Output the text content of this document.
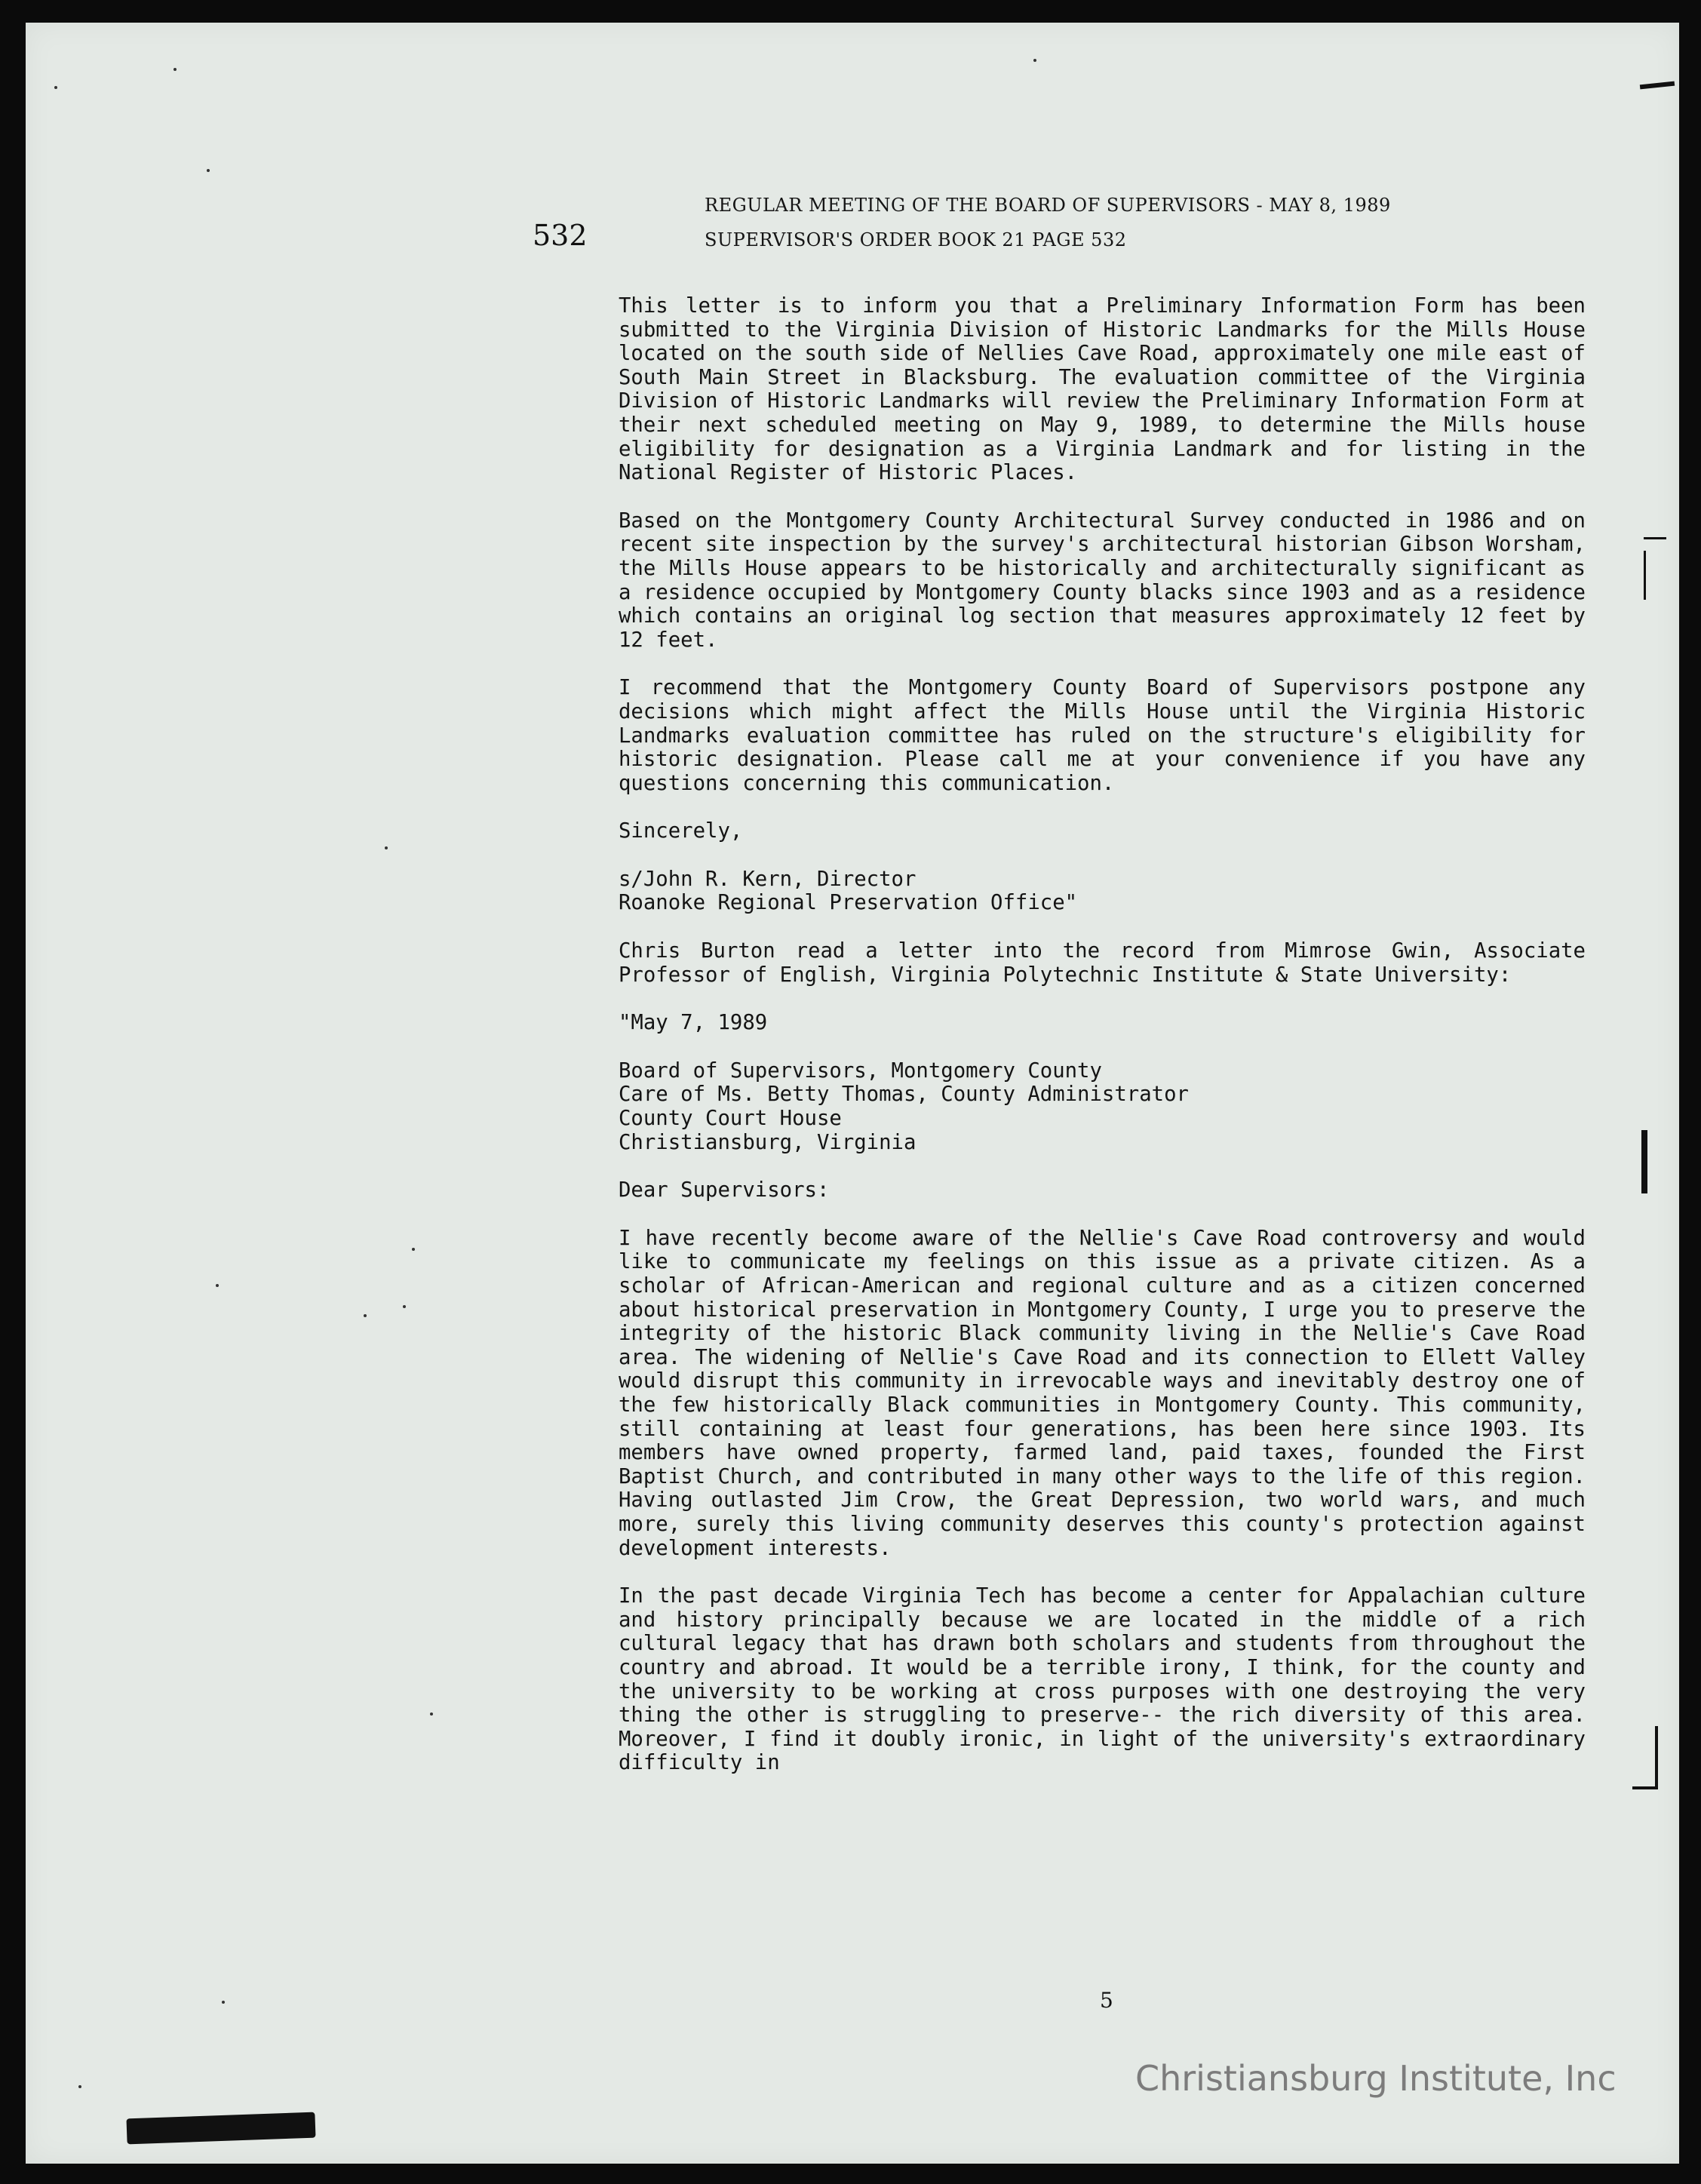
REGULAR MEETING OF THE BOARD OF SUPERVISORS - MAY 8, 1989
SUPERVISOR'S ORDER BOOK 21 PAGE 532
532

This letter is to inform you that a Preliminary Information Form has been submitted to the Virginia Division of Historic Landmarks for the Mills House located on the south side of Nellies Cave Road, approximately one mile east of South Main Street in Blacksburg. The evaluation committee of the Virginia Division of Historic Landmarks will review the Preliminary Information Form at their next scheduled meeting on May 9, 1989, to determine the Mills house eligibility for designation as a Virginia Landmark and for listing in the National Register of Historic Places.

Based on the Montgomery County Architectural Survey conducted in 1986 and on recent site inspection by the survey's architectural historian Gibson Worsham, the Mills House appears to be historically and architecturally significant as a residence occupied by Montgomery County blacks since 1903 and as a residence which contains an original log section that measures approximately 12 feet by 12 feet.

I recommend that the Montgomery County Board of Supervisors postpone any decisions which might affect the Mills House until the Virginia Historic Landmarks evaluation committee has ruled on the structure's eligibility for historic designation. Please call me at your convenience if you have any questions concerning this communication.

Sincerely,

s/John R. Kern, Director

Roanoke Regional Preservation Office"

Chris Burton read a letter into the record from Mimrose Gwin, Associate Professor of English, Virginia Polytechnic Institute & State University:

"May 7, 1989

Board of Supervisors, Montgomery County

Care of Ms. Betty Thomas, County Administrator

County Court House

Christiansburg, Virginia

Dear Supervisors:

I have recently become aware of the Nellie's Cave Road controversy and would like to communicate my feelings on this issue as a private citizen. As a scholar of African-American and regional culture and as a citizen concerned about historical preservation in Montgomery County, I urge you to preserve the integrity of the historic Black community living in the Nellie's Cave Road area. The widening of Nellie's Cave Road and its connection to Ellett Valley would disrupt this community in irrevocable ways and inevitably destroy one of the few historically Black communities in Montgomery County. This community, still containing at least four generations, has been here since 1903. Its members have owned property, farmed land, paid taxes, founded the First Baptist Church, and contributed in many other ways to the life of this region. Having outlasted Jim Crow, the Great Depression, two world wars, and much more, surely this living community deserves this county's protection against development interests.

In the past decade Virginia Tech has become a center for Appalachian culture and history principally because we are located in the middle of a rich cultural legacy that has drawn both scholars and students from throughout the country and abroad. It would be a terrible irony, I think, for the county and the university to be working at cross purposes with one destroying the very thing the other is struggling to preserve-- the rich diversity of this area. Moreover, I find it doubly ironic, in light of the university's extraordinary difficulty in

5
Christiansburg Institute, Inc
